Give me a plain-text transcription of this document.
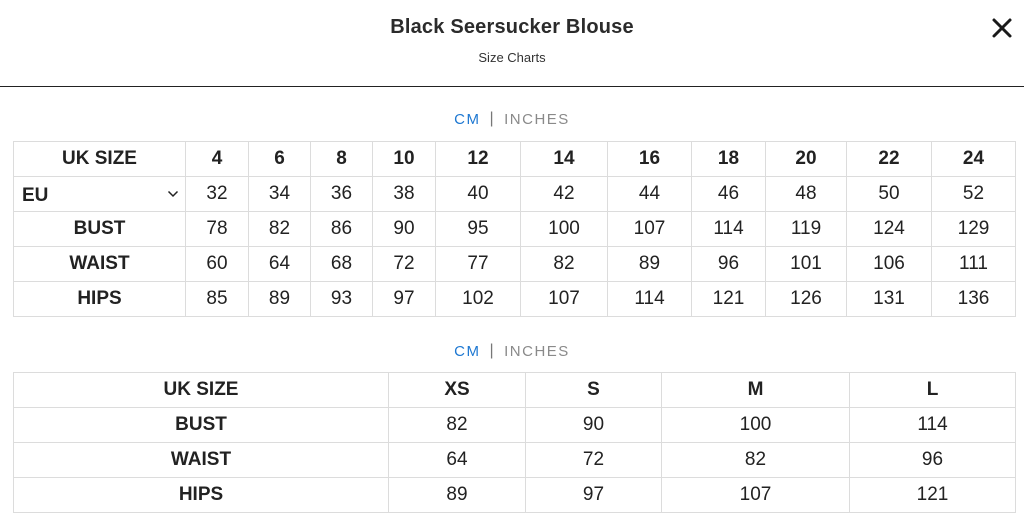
Black Seersucker Blouse
Size Charts
CM | INCHES
UK SIZE	4	6	8	10	12	14	16	18	20	22	24

EU	32	34	36	38	40	42	44	46	48	50	52
BUST	78	82	86	90	95	100	107	114	119	124	129
WAIST	60	64	68	72	77	82	89	96	101	106	111
HIPS	85	89	93	97	102	107	114	121	126	131	136
CM | INCHES
UK SIZE	XS	S	M	L
BUST	82	90	100	114
WAIST	64	72	82	96
HIPS	89	97	107	121
